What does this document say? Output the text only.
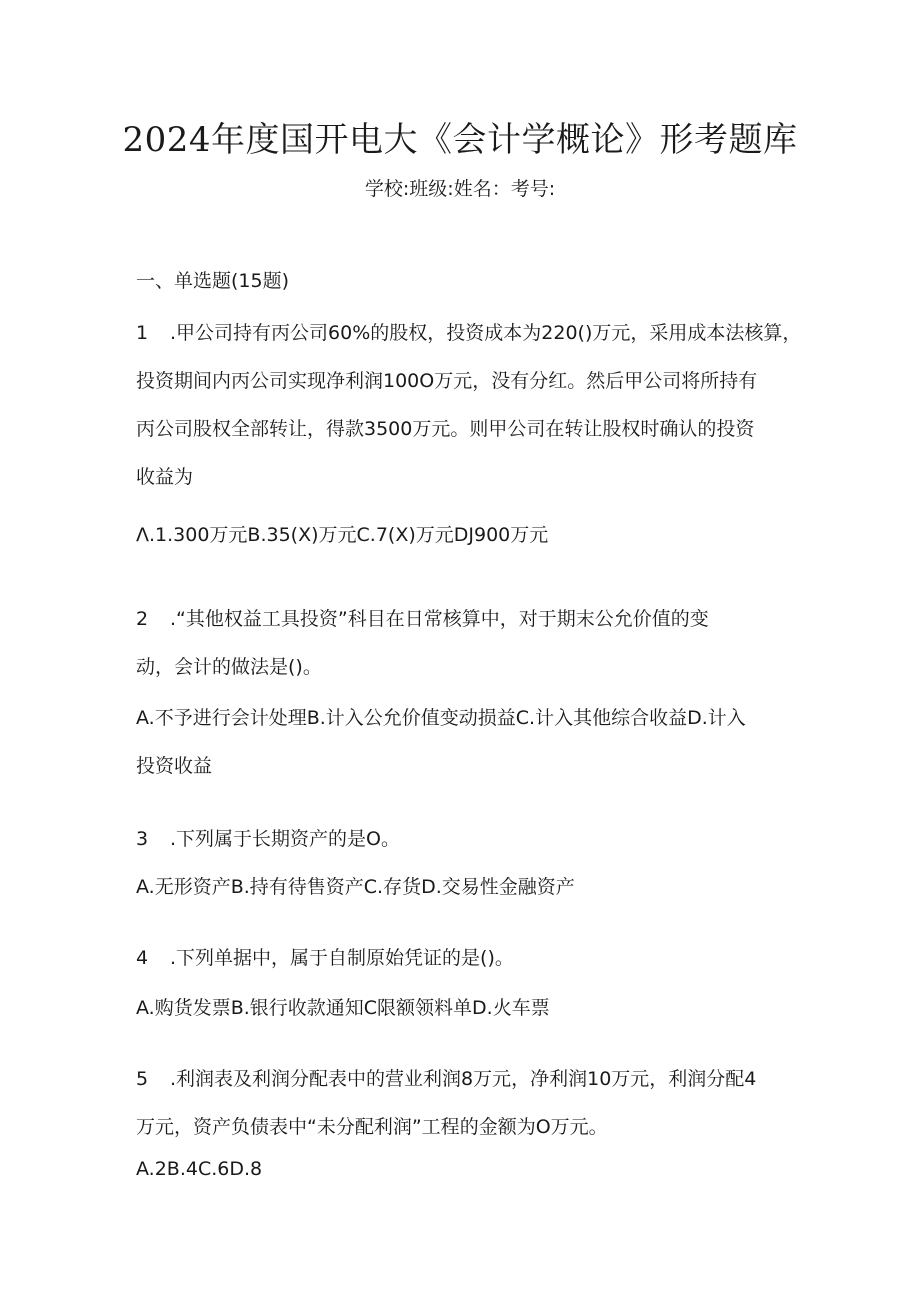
2024年度国开电大《会计学概论》形考题库
学校:班级:姓名：考号:
一、单选题(15题)
1 .甲公司持有丙公司60%的股权，投资成本为220()万元，采用成本法核算，
投资期间内丙公司实现净利润100O万元，没有分红。然后甲公司将所持有
丙公司股权全部转让，得款3500万元。则甲公司在转让股权时确认的投资
收益为
Λ.1.300万元B.35(X)万元C.7(X)万元DJ900万元
2 .“其他权益工具投资”科目在日常核算中，对于期末公允价值的变
动，会计的做法是()。
A.不予进行会计处理B.计入公允价值变动损益C.计入其他综合收益D.计入
投资收益
3 .下列属于长期资产的是O。
A.无形资产B.持有待售资产C.存货D.交易性金融资产
4 .下列单据中，属于自制原始凭证的是()。
A.购货发票B.银行收款通知C限额领料单D.火车票
5 .利润表及利润分配表中的营业利润8万元，净利润10万元，利润分配4
万元，资产负债表中“未分配利润”工程的金额为O万元。
A.2B.4C.6D.8
